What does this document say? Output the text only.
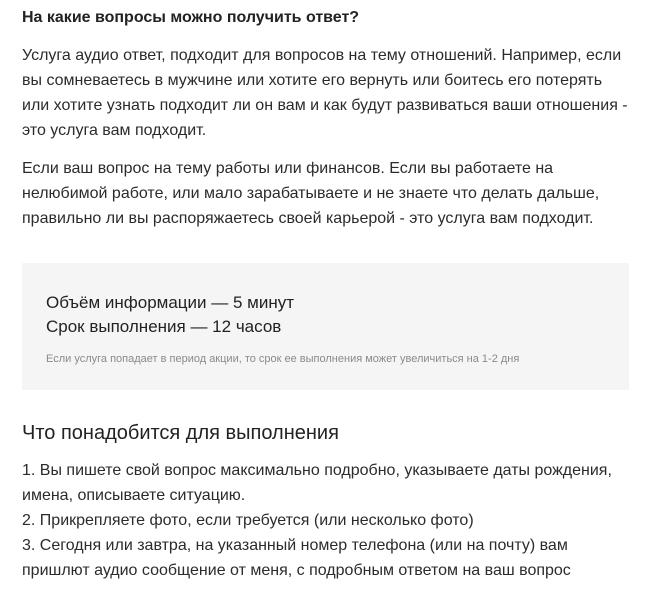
На какие вопросы можно получить ответ?

Услуга аудио ответ, подходит для вопросов на тему отношений. Например, если вы сомневаетесь в мужчине или хотите его вернуть или боитесь его потерять или хотите узнать подходит ли он вам и как будут развиваться ваши отношения - это услуга вам подходит.

Если ваш вопрос на тему работы или финансов. Если вы работаете на нелюбимой работе, или мало зарабатываете и не знаете что делать дальше, правильно ли вы распоряжаетесь своей карьерой - это услуга вам подходит.

Объём информации — 5 минут

Срок выполнения — 12 часов

Если услуга попадает в период акции, то срок ее выполнения может увеличиться на 1-2 дня

Что понадобится для выполнения
1. Вы пишете свой вопрос максимально подробно, указываете даты рождения, имена, описываете ситуацию.
2. Прикрепляете фото, если требуется (или несколько фото)
3. Сегодня или завтра, на указанный номер телефона (или на почту) вам пришлют аудио сообщение от меня, с подробным ответом на ваш вопрос
